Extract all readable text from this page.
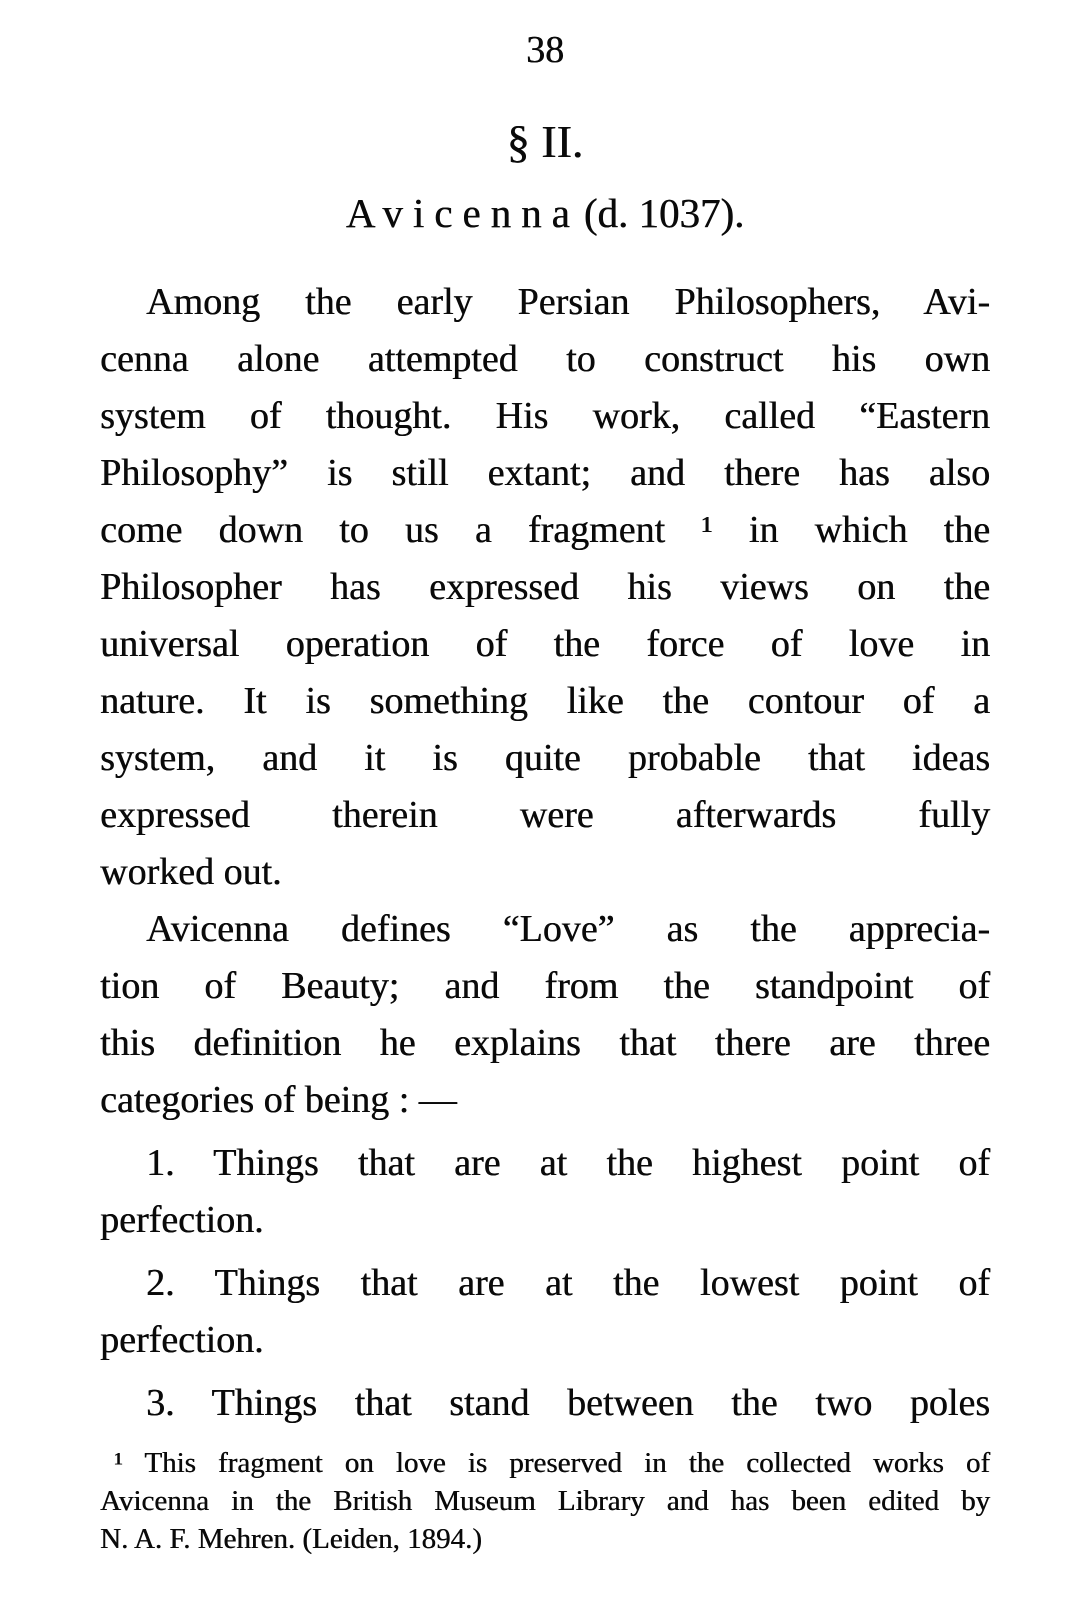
38
§ II.
Avicenna(d. 1037).
Among the early Persian Philosophers, Avi-
cenna alone attempted to construct his own
system of thought. His work, called “Eastern
Philosophy” is still extant; and there has also
come down to us a fragment ¹ in which the
Philosopher has expressed his views on the
universal operation of the force of love in
nature. It is something like the contour of a
system, and it is quite probable that ideas
expressed therein were afterwards fully
worked out.
Avicenna defines “Love” as the apprecia-
tion of Beauty; and from the standpoint of
this definition he explains that there are three
categories of being : —
1. Things that are at the highest point of
perfection.
2. Things that are at the lowest point of
perfection.
3. Things that stand between the two poles
¹ This fragment on love is preserved in the collected works of
Avicenna in the British Museum Library and has been edited by
N. A. F. Mehren. (Leiden, 1894.)
